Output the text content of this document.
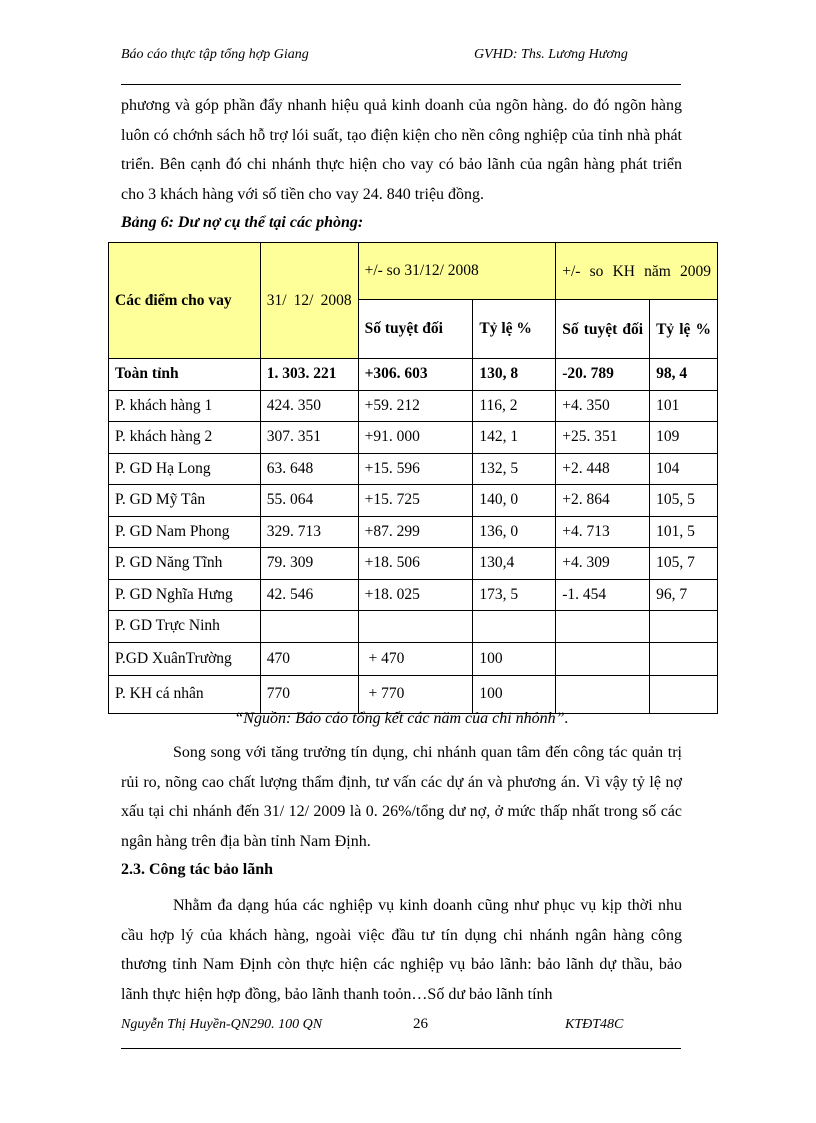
Báo cáo thực tập tổng hợp Giang	GVHD: Ths. Lương Hương

phương và góp phần đẩy nhanh hiệu quả kinh doanh của ngõn hàng. do đó ngõn hàng luôn có chớnh sách hỗ trợ lói suất, tạo điện kiện cho nền công nghiệp của tỉnh nhà phát triển. Bên cạnh đó chi nhánh thực hiện cho vay có bảo lãnh của ngân hàng phát triển cho 3 khách hàng với số tiền cho vay 24. 840 triệu đồng.

Bảng 6: Dư nợ cụ thể tại các phòng:
Các điểm cho vay	31/ 12/ 2008	+/- so 31/12/ 2008		+/- so KH năm 2009	
		Số tuyệt đối	Tỷ lệ %	Số tuyệt đối	Tỷ lệ %
Toàn tỉnh	1. 303. 221	+306. 603	130, 8	-20. 789	98, 4
P. khách hàng 1	424. 350	+59. 212	116, 2	+4. 350	101
P. khách hàng 2	307. 351	+91. 000	142, 1	+25. 351	109
P. GD Hạ Long	63. 648	+15. 596	132, 5	+2. 448	104
P. GD Mỹ Tân	55. 064	+15. 725	140, 0	+2. 864	105, 5
P. GD Nam Phong	329. 713	+87. 299	136, 0	+4. 713	101, 5
P. GD Năng Tĩnh	79. 309	+18. 506	130,4	+4. 309	105, 7
P. GD Nghĩa Hưng	42. 546	+18. 025	173, 5	-1. 454	96, 7
P. GD Trực Ninh					
P.GD XuânTrường	470	+ 470	100		
P. KH cá nhân	770	+ 770	100		
“Nguồn: Báo cáo tổng kết các năm của chi nhỏnh”.

Song song với tăng trưởng tín dụng, chi nhánh quan tâm đến công tác quản trị rủi ro, nõng cao chất lượng thẩm định, tư vấn các dự án và phương án. Vì vậy tỷ lệ nợ xấu tại chi nhánh đến 31/ 12/ 2009 là 0. 26%/tổng dư nợ, ở mức thấp nhất trong số các ngân hàng trên địa bàn tỉnh Nam Định.

2.3. Công tác bảo lãnh

Nhằm đa dạng húa các nghiệp vụ kinh doanh cũng như phục vụ kịp thời nhu cầu hợp lý của khách hàng, ngoài việc đầu tư tín dụng chi nhánh ngân hàng công thương tỉnh Nam Định còn thực hiện các nghiệp vụ bảo lãnh: bảo lãnh dự thầu, bảo lãnh thực hiện hợp đồng, bảo lãnh thanh toỏn…Số dư bảo lãnh tính

Nguyễn Thị Huyền-QN290. 100 QN	26	KTĐT48C
